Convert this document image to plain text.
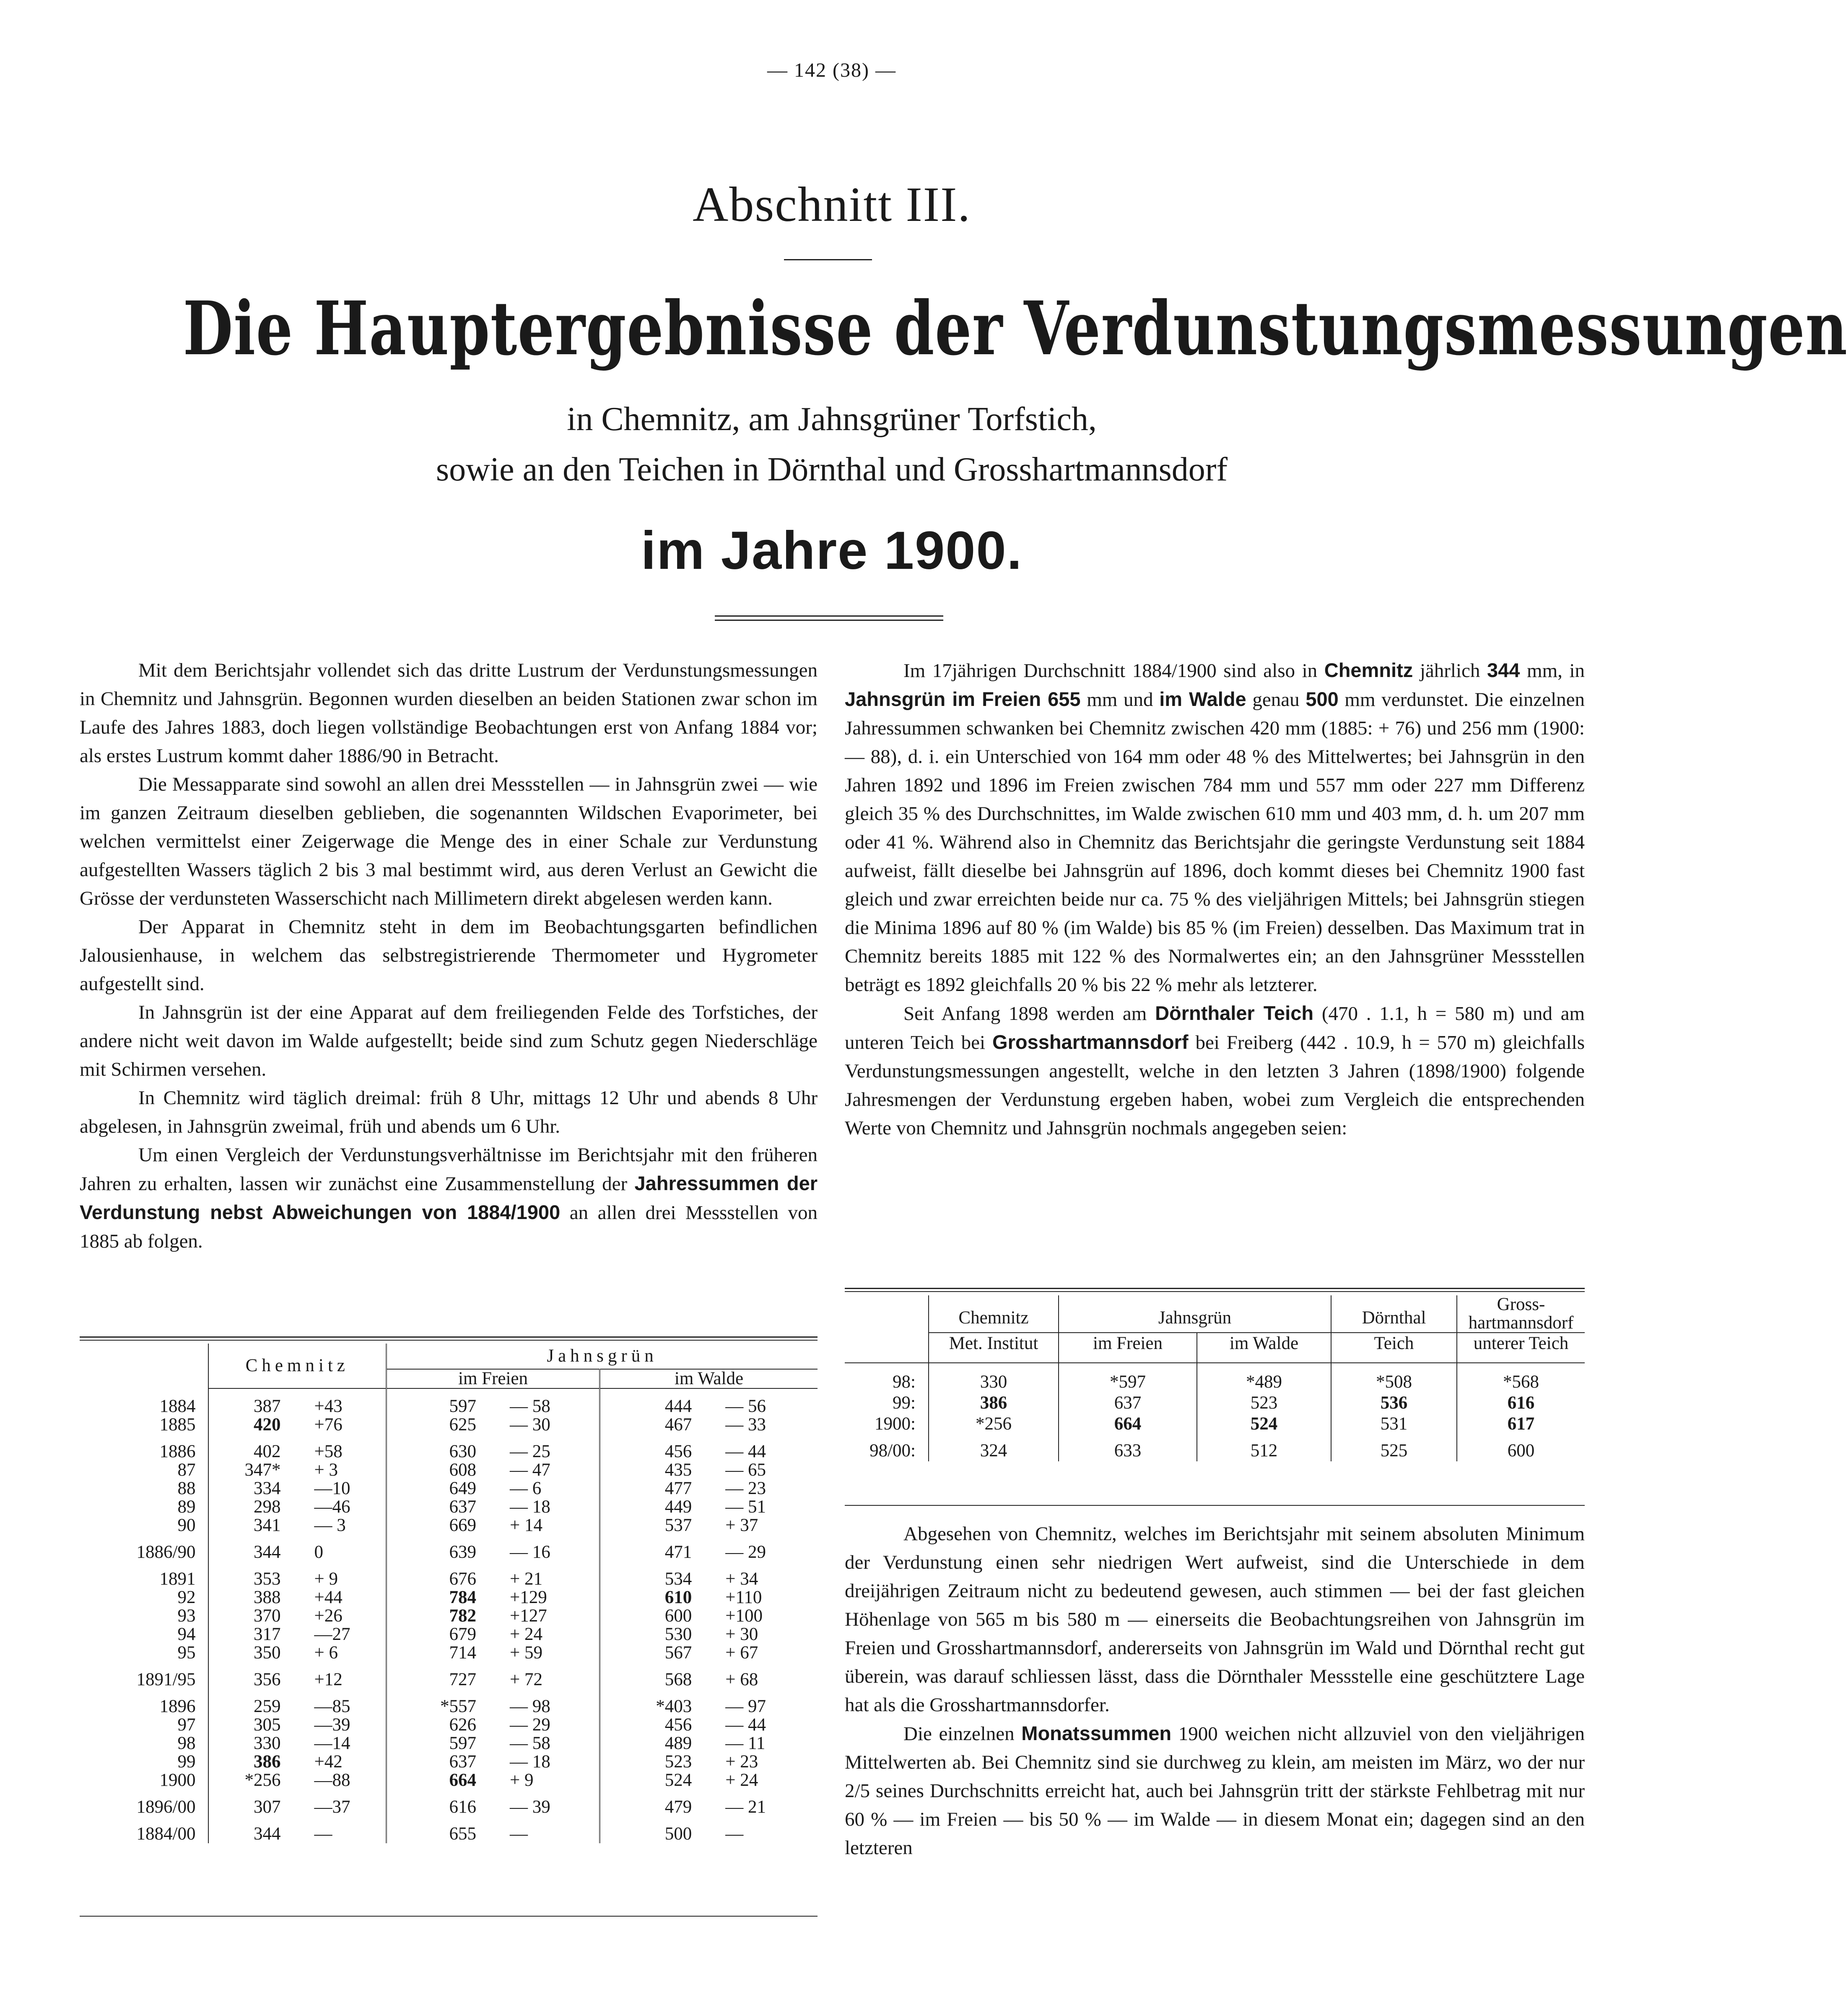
— 142 (38) —
Abschnitt III.
Die Hauptergebnisse der Verdunstungsmessungen
in Chemnitz, am Jahnsgrüner Torfstich,
sowie an den Teichen in Dörnthal und Grosshartmannsdorf
im Jahre 1900.

Mit dem Berichtsjahr vollendet sich das dritte Lustrum der Verdunstungsmessungen in Chemnitz und Jahnsgrün. Begonnen wurden dieselben an beiden Stationen zwar schon im Laufe des Jahres 1883, doch liegen vollständige Beobachtungen erst von Anfang 1884 vor; als erstes Lustrum kommt daher 1886/90 in Betracht.

Die Messapparate sind sowohl an allen drei Messstellen — in Jahnsgrün zwei — wie im ganzen Zeitraum dieselben geblieben, die sogenannten Wildschen Evaporimeter, bei welchen vermittelst einer Zeigerwage die Menge des in einer Schale zur Verdunstung aufgestellten Wassers täglich 2 bis 3 mal bestimmt wird, aus deren Verlust an Gewicht die Grösse der verdunsteten Wasserschicht nach Millimetern direkt abgelesen werden kann.

Der Apparat in Chemnitz steht in dem im Beobachtungsgarten befindlichen Jalousienhause, in welchem das selbstregistrierende Thermometer und Hygrometer aufgestellt sind.

In Jahnsgrün ist der eine Apparat auf dem freiliegenden Felde des Torfstiches, der andere nicht weit davon im Walde aufgestellt; beide sind zum Schutz gegen Niederschläge mit Schirmen versehen.

In Chemnitz wird täglich dreimal: früh 8 Uhr, mittags 12 Uhr und abends 8 Uhr abgelesen, in Jahnsgrün zweimal, früh und abends um 6 Uhr.

Um einen Vergleich der Verdunstungsverhältnisse im Berichtsjahr mit den früheren Jahren zu erhalten, lassen wir zunächst eine Zusammenstellung der Jahressummen der Verdunstung nebst Abweichungen von 1884/1900 an allen drei Messstellen von 1885 ab folgen.

	Chemnitz		Jahnsgrün			
			im Freien		im Walde	

1884	387	+43	597	— 58	444	— 56
1885	420	+76	625	— 30	467	— 33

1886	402	+58	630	— 25	456	— 44
87	347*	+ 3	608	— 47	435	— 65
88	334	—10	649	— 6	477	— 23
89	298	—46	637	— 18	449	— 51
90	341	— 3	669	+ 14	537	+ 37

1886/90	344	0	639	— 16	471	— 29

1891	353	+ 9	676	+ 21	534	+ 34
92	388	+44	784	+129	610	+110
93	370	+26	782	+127	600	+100
94	317	—27	679	+ 24	530	+ 30
95	350	+ 6	714	+ 59	567	+ 67

1891/95	356	+12	727	+ 72	568	+ 68

1896	259	—85	*557	— 98	*403	— 97
97	305	—39	626	— 29	456	— 44
98	330	—14	597	— 58	489	— 11
99	386	+42	637	— 18	523	+ 23
1900	*256	—88	664	+ 9	524	+ 24

1896/00	307	—37	616	— 39	479	— 21

1884/00	344	—	655	—	500	—

Im 17jährigen Durchschnitt 1884/1900 sind also in Chemnitz jährlich 344 mm, in Jahnsgrün im Freien 655 mm und im Walde genau 500 mm verdunstet. Die einzelnen Jahressummen schwanken bei Chemnitz zwischen 420 mm (1885: + 76) und 256 mm (1900: — 88), d. i. ein Unterschied von 164 mm oder 48 % des Mittelwertes; bei Jahnsgrün in den Jahren 1892 und 1896 im Freien zwischen 784 mm und 557 mm oder 227 mm Differenz gleich 35 % des Durchschnittes, im Walde zwischen 610 mm und 403 mm, d. h. um 207 mm oder 41 %. Während also in Chemnitz das Berichtsjahr die geringste Verdunstung seit 1884 aufweist, fällt dieselbe bei Jahnsgrün auf 1896, doch kommt dieses bei Chemnitz 1900 fast gleich und zwar erreichten beide nur ca. 75 % des vieljährigen Mittels; bei Jahnsgrün stiegen die Minima 1896 auf 80 % (im Walde) bis 85 % (im Freien) desselben. Das Maximum trat in Chemnitz bereits 1885 mit 122 % des Normalwertes ein; an den Jahnsgrüner Messstellen beträgt es 1892 gleichfalls 20 % bis 22 % mehr als letzterer.

Seit Anfang 1898 werden am Dörnthaler Teich (470 . 1.1, h = 580 m) und am unteren Teich bei Grosshartmannsdorf bei Freiberg (442 . 10.9, h = 570 m) gleichfalls Verdunstungsmessungen angestellt, welche in den letzten 3 Jahren (1898/1900) folgende Jahresmengen der Verdunstung ergeben haben, wobei zum Vergleich die entsprechenden Werte von Chemnitz und Jahnsgrün nochmals angegeben seien:

	Chemnitz	Jahnsgrün		Dörnthal	Gross-hartmannsdorf
	Met. Institut	im Freien	im Walde	Teich	unterer Teich

98:	330	*597	*489	*508	*568
99:	386	637	523	536	616
1900:	*256	664	524	531	617

98/00:	324	633	512	525	600

Abgesehen von Chemnitz, welches im Berichtsjahr mit seinem absoluten Minimum der Verdunstung einen sehr niedrigen Wert aufweist, sind die Unterschiede in dem dreijährigen Zeitraum nicht zu bedeutend gewesen, auch stimmen — bei der fast gleichen Höhenlage von 565 m bis 580 m — einerseits die Beobachtungsreihen von Jahnsgrün im Freien und Grosshartmannsdorf, andererseits von Jahnsgrün im Wald und Dörnthal recht gut überein, was darauf schliessen lässt, dass die Dörnthaler Messstelle eine geschütztere Lage hat als die Grosshartmannsdorfer.

Die einzelnen Monatssummen 1900 weichen nicht allzuviel von den vieljährigen Mittelwerten ab. Bei Chemnitz sind sie durchweg zu klein, am meisten im März, wo der nur 2/5 seines Durchschnitts erreicht hat, auch bei Jahnsgrün tritt der stärkste Fehlbetrag mit nur 60 % — im Freien — bis 50 % — im Walde — in diesem Monat ein; dagegen sind an den letzteren
